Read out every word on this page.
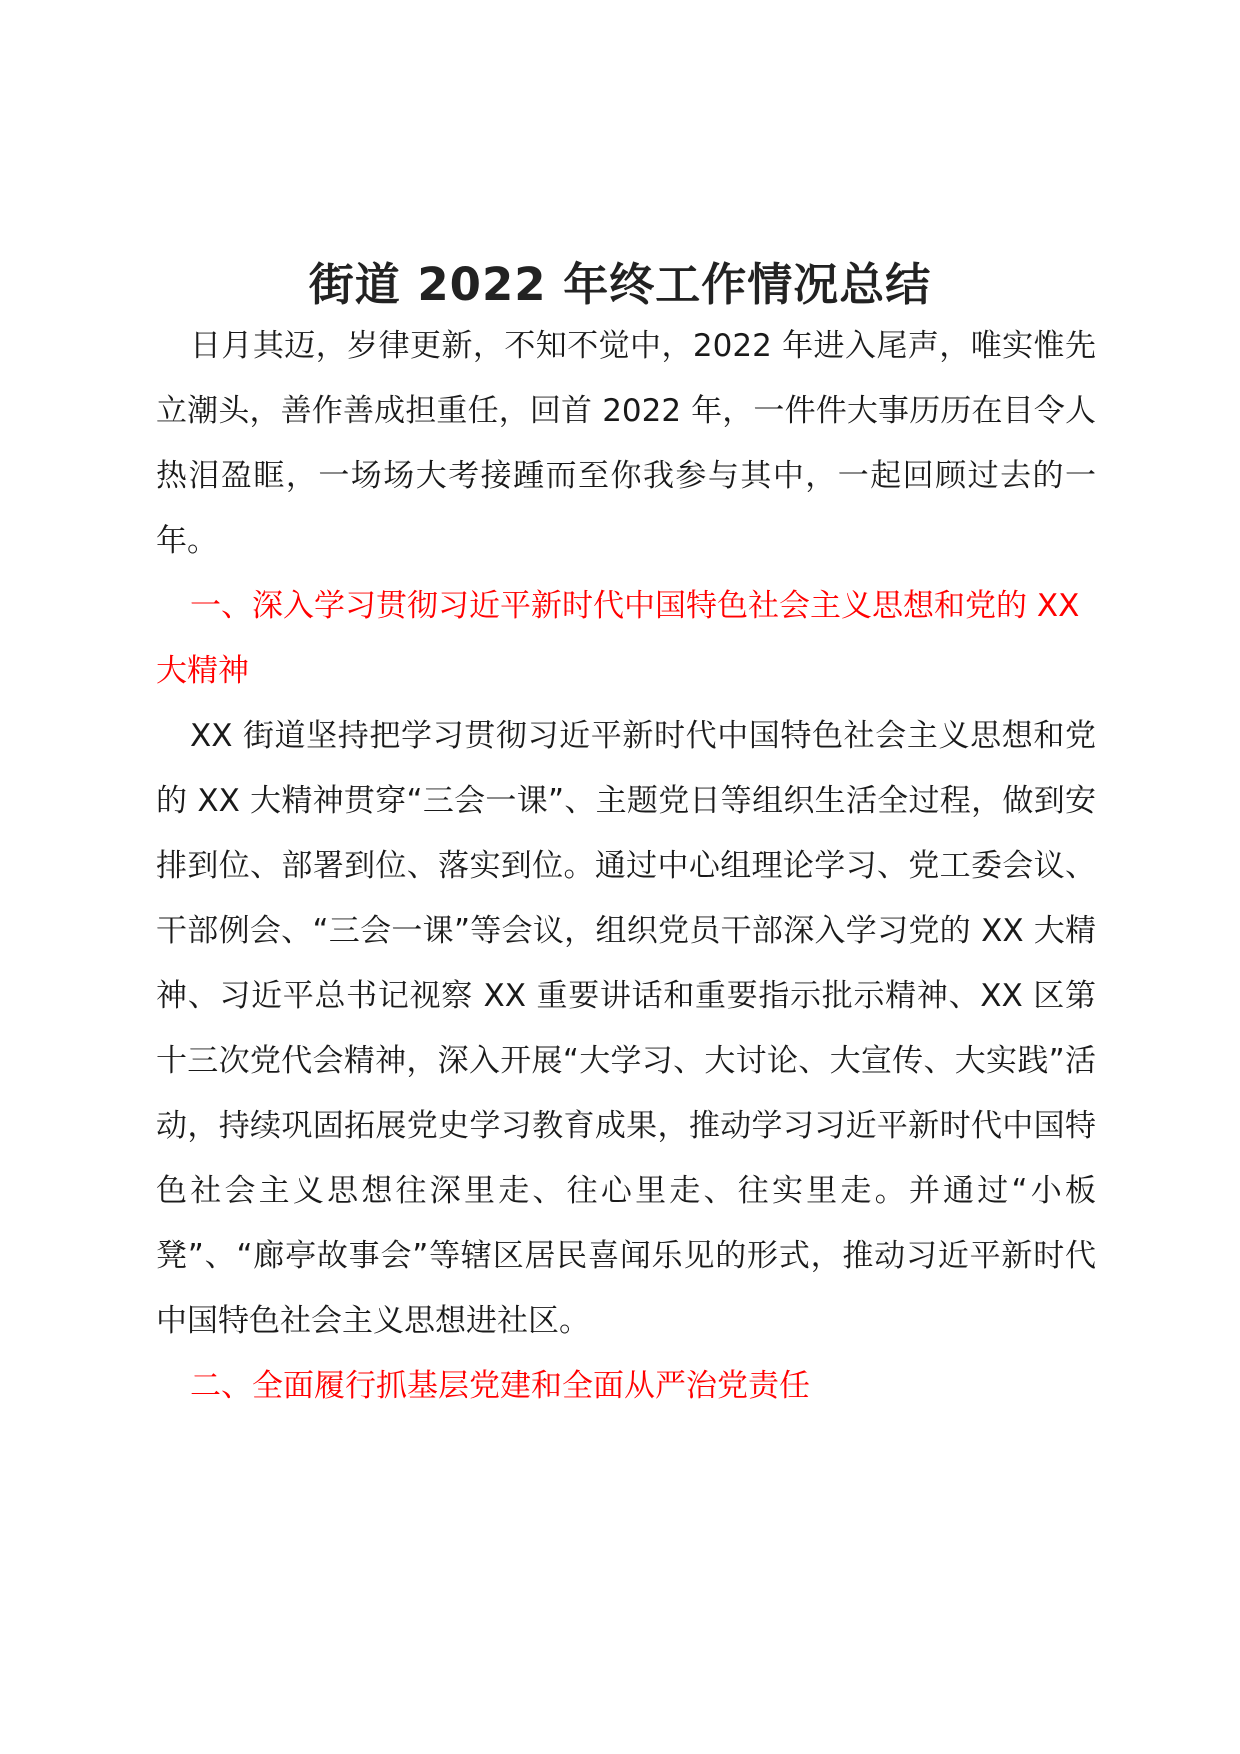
街道 2022 年终工作情况总结

日月其迈，岁律更新，不知不觉中，2022 年进入尾声，唯实惟先立潮头，善作善成担重任，回首 2022 年，一件件大事历历在目令人热泪盈眶，一场场大考接踵而至你我参与其中，一起回顾过去的一年。

一、深入学习贯彻习近平新时代中国特色社会主义思想和党的 XX 大精神

XX 街道坚持把学习贯彻习近平新时代中国特色社会主义思想和党的 XX 大精神贯穿“三会一课”、主题党日等组织生活全过程，做到安排到位、部署到位、落实到位。通过中心组理论学习、党工委会议、干部例会、“三会一课”等会议，组织党员干部深入学习党的 XX 大精神、习近平总书记视察 XX 重要讲话和重要指示批示精神、XX 区第十三次党代会精神，深入开展“大学习、大讨论、大宣传、大实践”活动，持续巩固拓展党史学习教育成果，推动学习习近平新时代中国特色社会主义思想往深里走、往心里走、往实里走。并通过“小板凳”、“廊亭故事会”等辖区居民喜闻乐见的形式，推动习近平新时代中国特色社会主义思想进社区。

二、全面履行抓基层党建和全面从严治党责任
